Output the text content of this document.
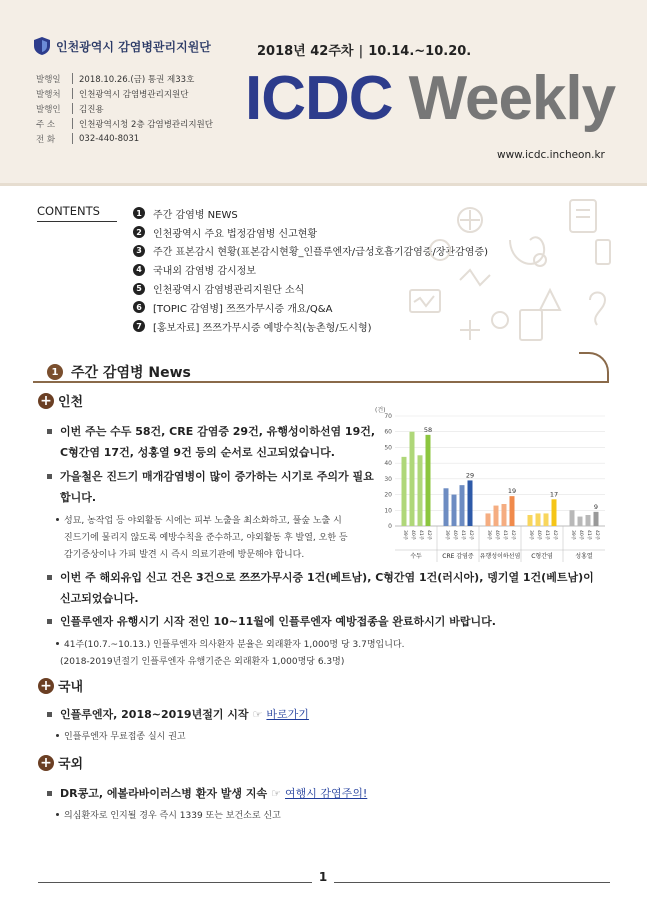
인천광역시 감염병관리지원단	2018년 42주차 | 10.14.~10.20.
발행일	2018.10.26.(금) 통권 제33호
발행처	인천광역시 감염병관리지원단
발행인	김진용
주 소	인천광역시청 2층 감염병관리지원단
전 화	032-440-8031
ICDC Weekly
www.icdc.incheon.kr
CONTENTS	1	주간 감염병 NEWS
2	인천광역시 주요 법정감염병 신고현황
3	주간 표본감시 현황(표본감시현황_인플루엔자/급성호흡기감염증/장관감염증)
4	국내외 감염병 감시정보
5	인천광역시 감염병관리지원단 소식
6	[TOPIC 감염병] 쯔쯔가무시증 개요/Q&A
7	[홍보자료] 쯔쯔가무시증 예방수칙(농촌형/도시형)
1 주간 감염병 News
+ 인천
이번 주는 수두 58건, CRE 감염증 29건, 유행성이하선염 19건,
C형간염 17건, 성홍열 9건 등의 순서로 신고되었습니다.
가을철은 진드기 매개감염병이 많이 증가하는 시기로 주의가 필요
합니다.
성묘, 농작업 등 야외활동 시에는 피부 노출을 최소화하고, 풀숲 노출 시
진드기에 물리지 않도록 예방수칙을 준수하고, 야외활동 후 발열, 오한 등
감기증상이나 가피 발견 시 즉시 의료기관에 방문해야 합니다.
이번 주 해외유입 신고 건은 3건으로 쯔쯔가무시증 1건(베트남), C형간염 1건(러시아), 뎅기열 1건(베트남)이
신고되었습니다.
인플루엔자 유행시기 시작 전인 10~11월에 인플루엔자 예방접종을 완료하시기 바랍니다.
41주(10.7.~10.13.) 인플루엔자 의사환자 분율은 외래환자 1,000명 당 3.7명입니다.
(2018-2019년절기 인플루엔자 유행기준은 외래환자 1,000명당 6.3명)
(건)
0
10
20
30
40
50
60
70
39주 40주 41주 42주
58
수두
39주 40주 41주 42주
29
CRE 감염증
39주 40주 41주 42주
19
유행성이하선염
39주 40주 41주 42주
17
C형간염
39주 40주 41주 42주
9
성홍열
+ 국내
인플루엔자, 2018~2019년절기 시작 ☞ 바로가기
인플루엔자 무료접종 실시 권고
+ 국외
DR콩고, 에볼라바이러스병 환자 발생 지속 ☞ 여행시 감염주의!
의심환자로 인지될 경우 즉시 1339 또는 보건소로 신고
1
